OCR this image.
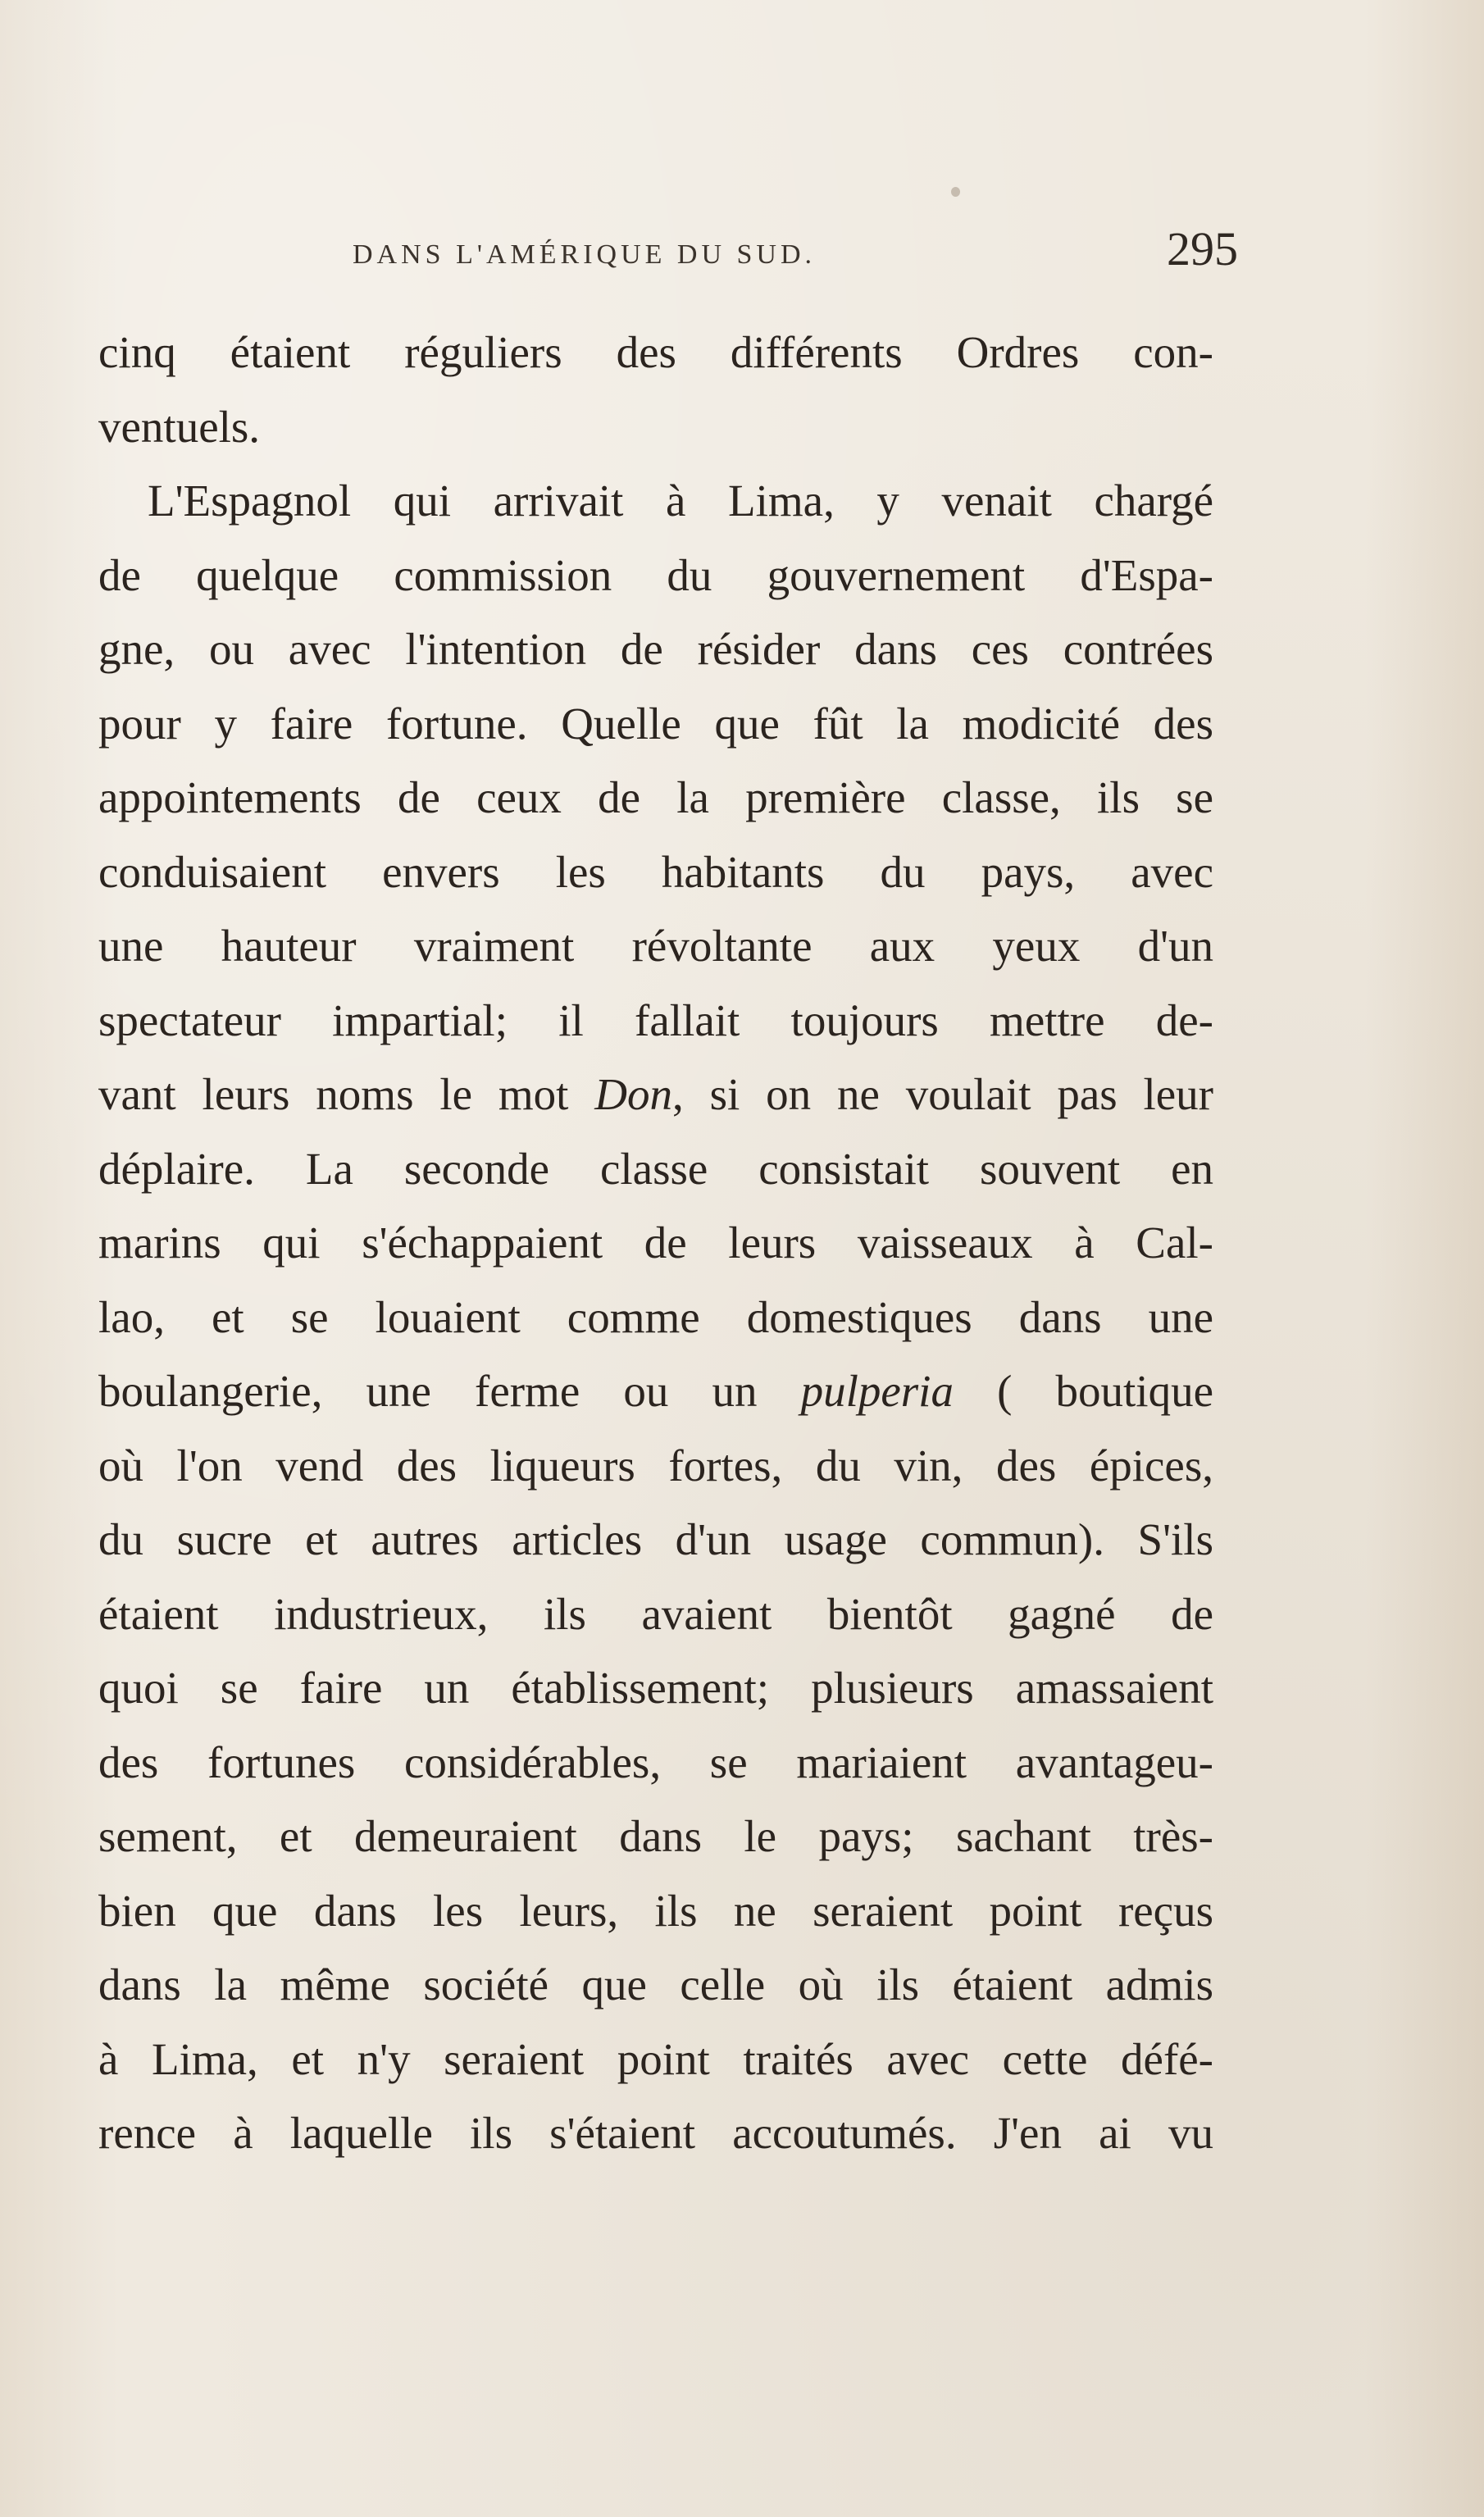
DANS L'AMÉRIQUE DU SUD.	295
cinq étaient réguliers des différents Ordres con-
ventuels.
L'Espagnol qui arrivait à Lima, y venait chargé
de quelque commission du gouvernement d'Espa-
gne, ou avec l'intention de résider dans ces contrées
pour y faire fortune. Quelle que fût la modicité des
appointements de ceux de la première classe, ils se
conduisaient envers les habitants du pays, avec
une hauteur vraiment révoltante aux yeux d'un
spectateur impartial; il fallait toujours mettre de-
vant leurs noms le mot Don, si on ne voulait pas leur
déplaire. La seconde classe consistait souvent en
marins qui s'échappaient de leurs vaisseaux à Cal-
lao, et se louaient comme domestiques dans une
boulangerie, une ferme ou un pulperia ( boutique
où l'on vend des liqueurs fortes, du vin, des épices,
du sucre et autres articles d'un usage commun). S'ils
étaient industrieux, ils avaient bientôt gagné de
quoi se faire un établissement; plusieurs amassaient
des fortunes considérables, se mariaient avantageu-
sement, et demeuraient dans le pays; sachant très-
bien que dans les leurs, ils ne seraient point reçus
dans la même société que celle où ils étaient admis
à Lima, et n'y seraient point traités avec cette défé-
rence à laquelle ils s'étaient accoutumés. J'en ai vu
